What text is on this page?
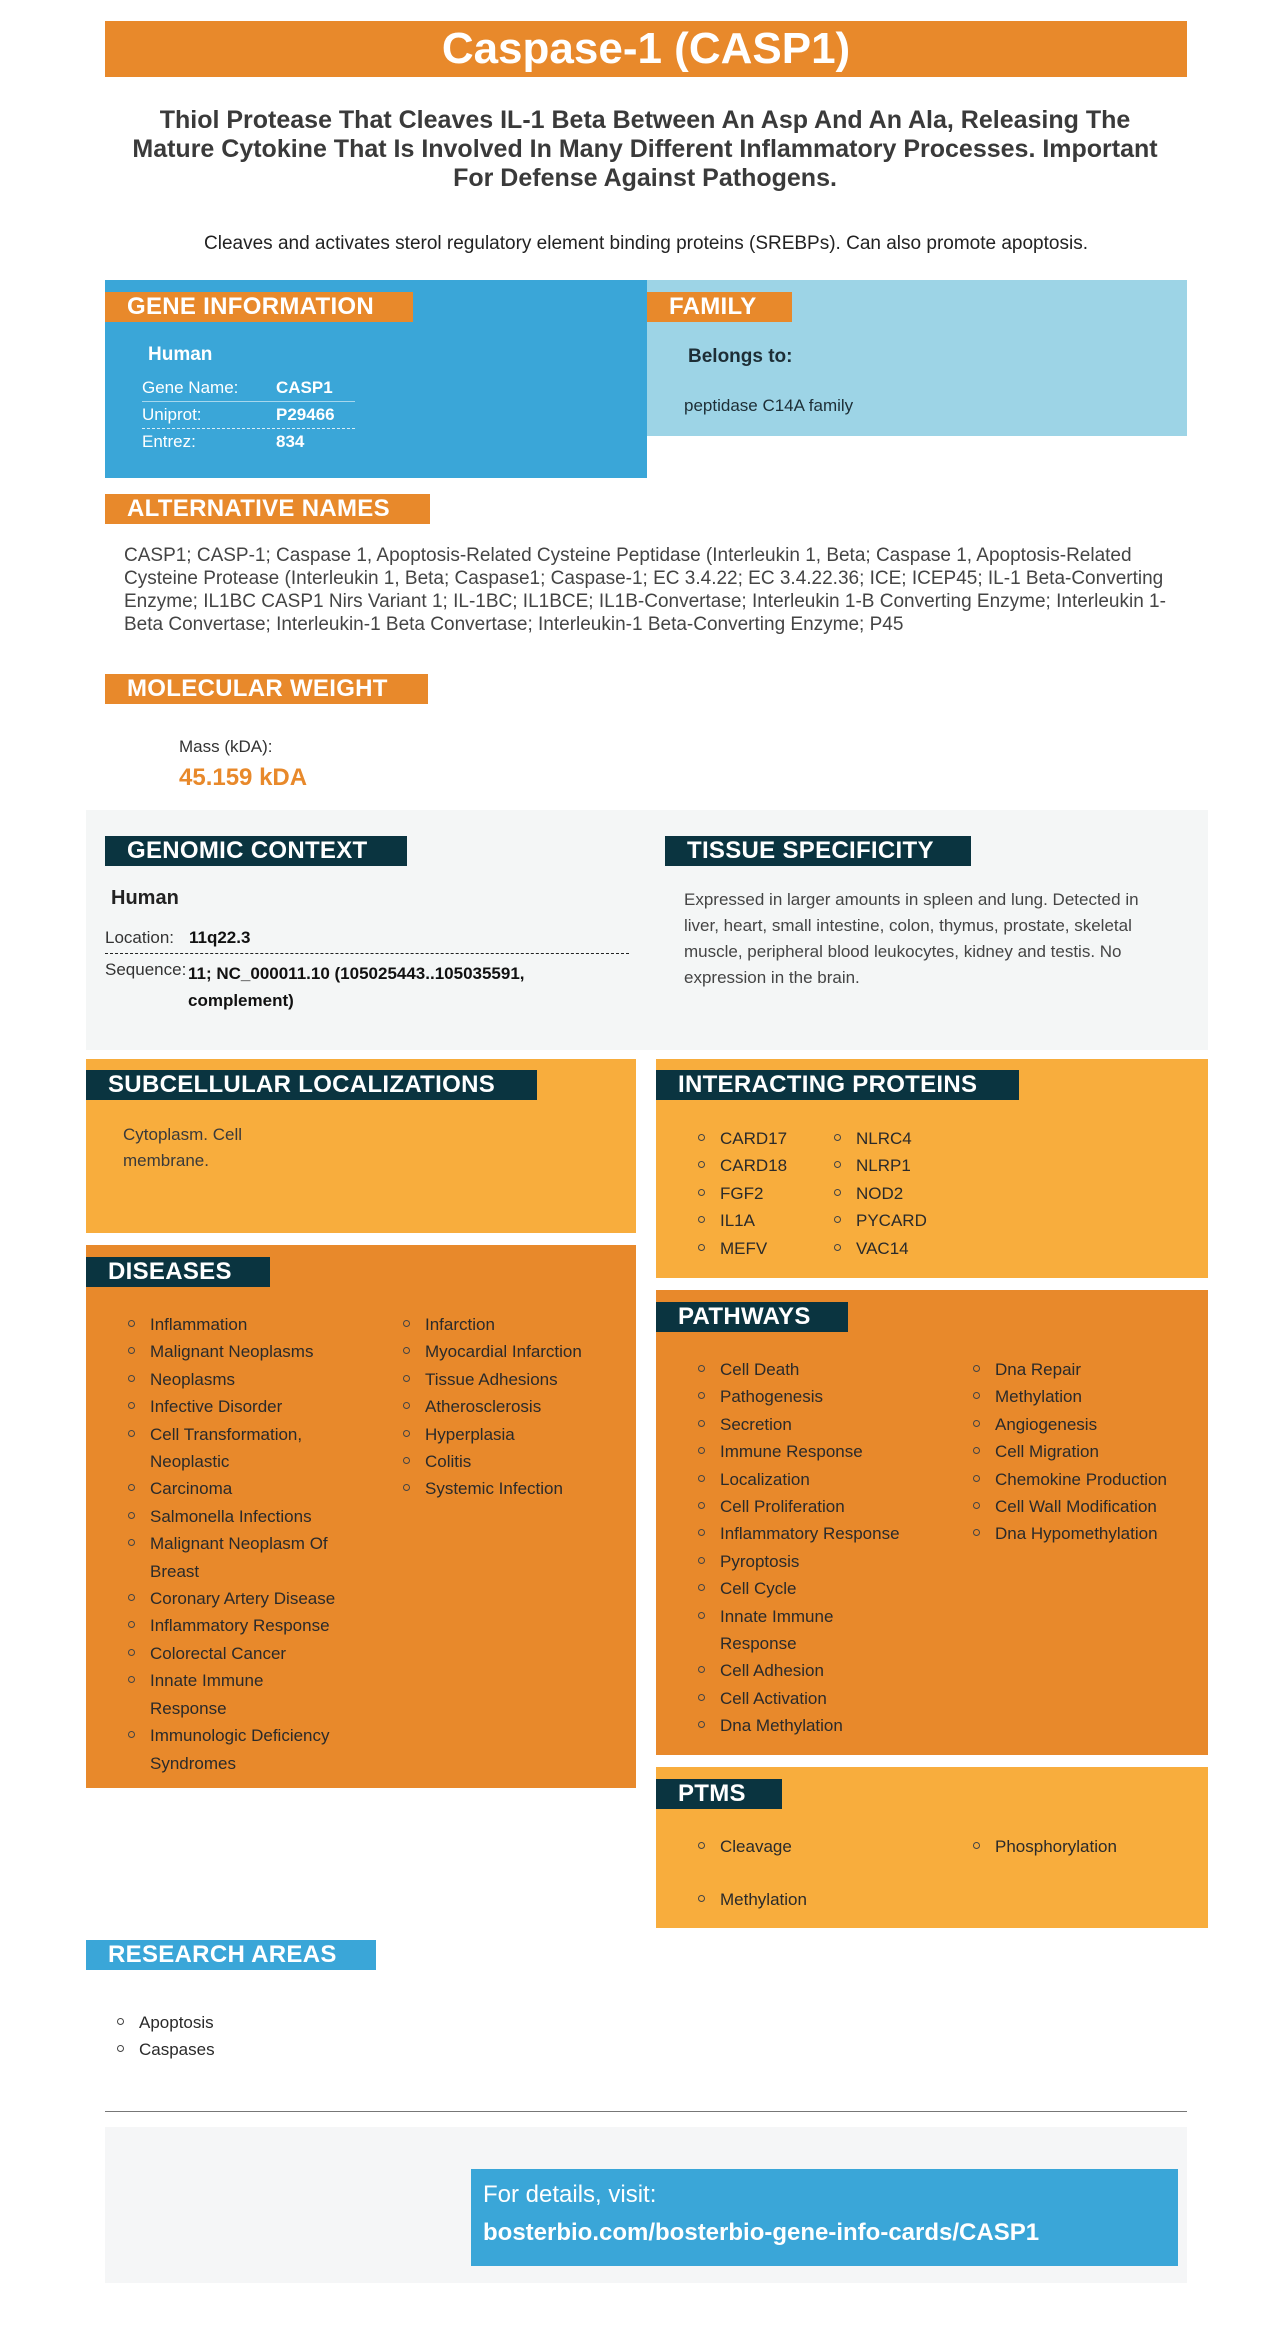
Caspase-1 (CASP1)
Thiol Protease That Cleaves IL-1 Beta Between An Asp And An Ala, Releasing The Mature Cytokine That Is Involved In Many Different Inflammatory Processes. Important For Defense Against Pathogens.
Cleaves and activates sterol regulatory element binding proteins (SREBPs). Can also promote apoptosis.
GENE INFORMATION
Human
Gene Name: CASP1
Uniprot:	P29466
Entrez:	834
FAMILY
Belongs to:
peptidase C14A family
ALTERNATIVE NAMES
CASP1; CASP-1; Caspase 1, Apoptosis-Related Cysteine Peptidase (Interleukin 1, Beta; Caspase 1, Apoptosis-Related Cysteine Protease (Interleukin 1, Beta; Caspase1; Caspase-1; EC 3.4.22; EC 3.4.22.36; ICE; ICEP45; IL-1 Beta-Converting Enzyme; IL1BC CASP1 Nirs Variant 1; IL-1BC; IL1BCE; IL1B-Convertase; Interleukin 1-B Converting Enzyme; Interleukin 1-Beta Convertase; Interleukin-1 Beta Convertase; Interleukin-1 Beta-Converting Enzyme; P45
MOLECULAR WEIGHT
Mass (kDA):
45.159 kDA
GENOMIC CONTEXT
Human
Location: 11q22.3
Sequence: 11; NC_000011.10 (105025443..105035591, complement)
TISSUE SPECIFICITY
Expressed in larger amounts in spleen and lung. Detected in liver, heart, small intestine, colon, thymus, prostate, skeletal muscle, peripheral blood leukocytes, kidney and testis. No expression in the brain.
SUBCELLULAR LOCALIZATIONS
Cytoplasm. Cell membrane.
INTERACTING PROTEINS
CARD17
CARD18
FGF2
IL1A
MEFV
NLRC4
NLRP1
NOD2
PYCARD
VAC14
DISEASES
Inflammation
Malignant Neoplasms
Neoplasms
Infective Disorder
Cell Transformation, Neoplastic
Carcinoma
Salmonella Infections
Malignant Neoplasm Of Breast
Coronary Artery Disease
Inflammatory Response
Colorectal Cancer
Innate Immune Response
Immunologic Deficiency Syndromes
Infarction
Myocardial Infarction
Tissue Adhesions
Atherosclerosis
Hyperplasia
Colitis
Systemic Infection
PATHWAYS
Cell Death
Pathogenesis
Secretion
Immune Response
Localization
Cell Proliferation
Inflammatory Response
Pyroptosis
Cell Cycle
Innate Immune Response
Cell Adhesion
Cell Activation
Dna Methylation
Dna Repair
Methylation
Angiogenesis
Cell Migration
Chemokine Production
Cell Wall Modification
Dna Hypomethylation
PTMS
Cleavage	Phosphorylation
Methylation
RESEARCH AREAS
Apoptosis
Caspases
For details, visit:
bosterbio.com/bosterbio-gene-info-cards/CASP1
